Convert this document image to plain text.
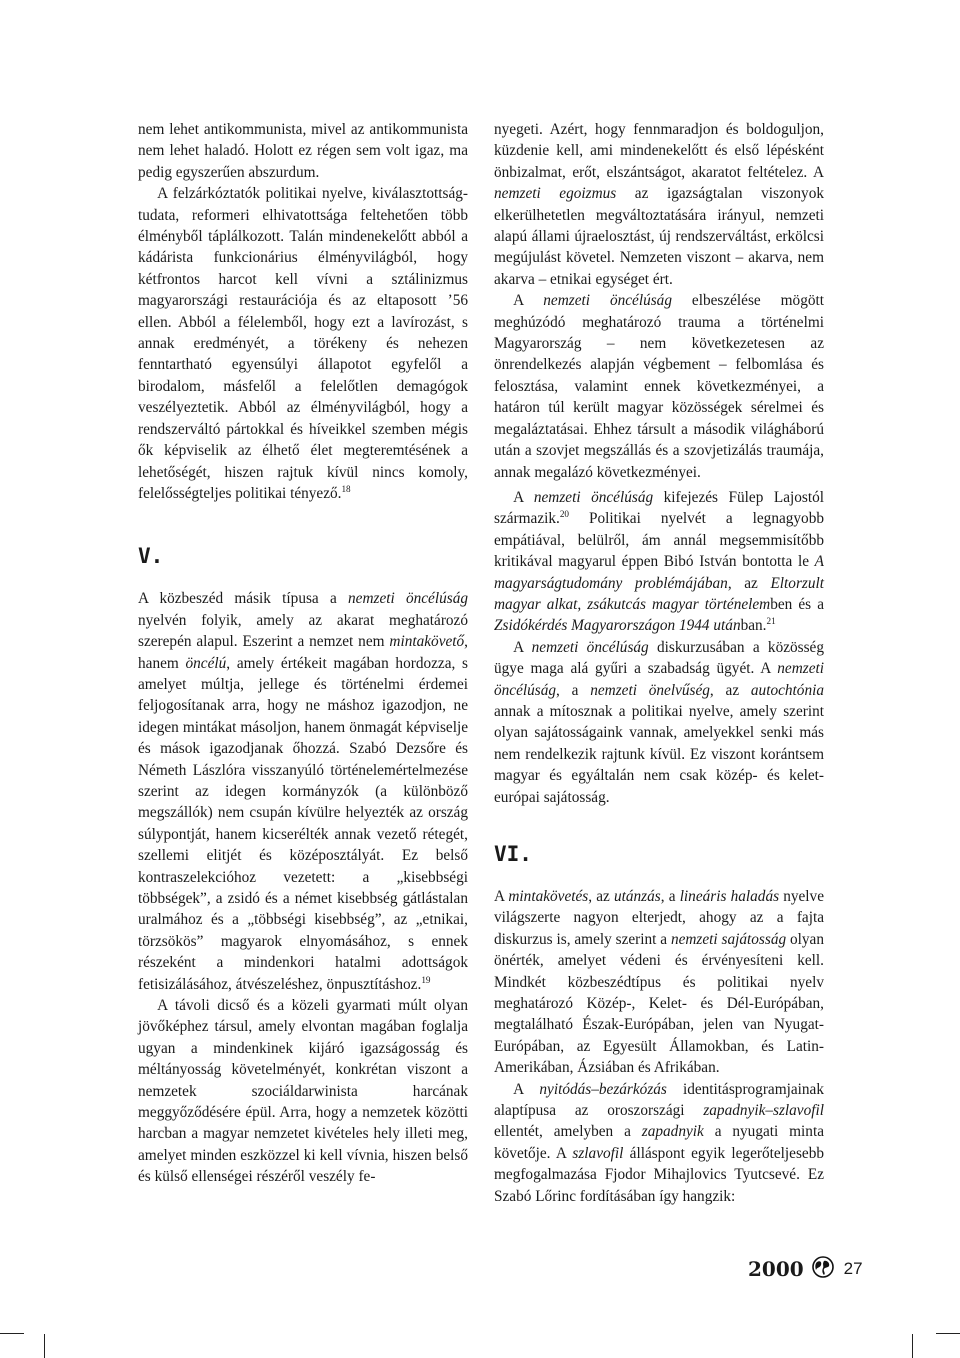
nem lehet antikommunista, mivel az antikommunista nem lehet haladó. Holott ez régen sem volt igaz, ma pedig egyszerűen abszurdum.

A felzárkóztatók politikai nyelve, kiválasztottság-tudata, reformeri elhivatottsága feltehetően több élményből táplálkozott. Talán mindenekelőtt abból a kádárista funkcionárius élményvilágból, hogy kétfrontos harcot kell vívni a sztálinizmus magyarországi restaurációja és az eltaposott ’56 ellen. Abból a félelemből, hogy ezt a lavírozást, s annak eredményét, a törékeny és nehezen fenntartható egyensúlyi állapotot egyfelől a birodalom, másfelől a felelőtlen demagógok veszélyeztetik. Abból az élményvilágból, hogy a rendszerváltó pártokkal és híveikkel szemben mégis ők képviselik az élhető élet megteremtésének a lehetőségét, hiszen rajtuk kívül nincs komoly, felelősségteljes politikai tényező.$^{18}$

V.

A közbeszéd másik típusa a nemzeti öncélúság nyelvén folyik, amely az akarat meghatározó szerepén alapul. Eszerint a nemzet nem mintakövető, hanem öncélú, amely értékeit magában hordozza, s amelyet múltja, jellege és történelmi érdemei feljogosítanak arra, hogy ne máshoz igazodjon, ne idegen mintákat másoljon, hanem önmagát képviselje és mások igazodjanak őhozzá. Szabó Dezsőre és Németh Lászlóra visszanyúló történelemértelmezése szerint az idegen kormányzók (a különböző megszállók) nem csupán kívülre helyezték az ország súlypontját, hanem kicserélték annak vezető rétegét, szellemi elitjét és középosztályát. Ez belső kontraszelekcióhoz vezetett: a „kisebbségi többségek”, a zsidó és a német kisebbség gátlástalan uralmához és a „többségi kisebbség”, az „etnikai, törzsökös” magyarok elnyomásához, s ennek részeként a mindenkori hatalmi adottságok fetisizálásához, átvészeléshez, önpusztításhoz.$^{19}$

A távoli dicső és a közeli gyarmati múlt olyan jövőképhez társul, amely elvontan magában foglalja ugyan a mindenkinek kijáró igazságosság és méltányosság követelményét, konkrétan viszont a nemzetek szociáldarwinista harcának meggyőződésére épül. Arra, hogy a nemzetek közötti harcban a magyar nemzetet kivételes hely illeti meg, amelyet minden eszközzel ki kell vívnia, hiszen belső és külső ellenségei részéről veszély fe-

nyegeti. Azért, hogy fennmaradjon és boldoguljon, küzdenie kell, ami mindenekelőtt és első lépésként önbizalmat, erőt, elszántságot, akaratot feltételez. A nemzeti egoizmus az igazságtalan viszonyok elkerülhetetlen megváltoztatására irányul, nemzeti alapú állami újraelosztást, új rendszerváltást, erkölcsi megújulást követel. Nemzeten viszont – akarva, nem akarva – etnikai egységet ért.

A nemzeti öncélúság elbeszélése mögött meghúzódó meghatározó trauma a történelmi Magyarország – nem következetesen az önrendelkezés alapján végbement – felbomlása és felosztása, valamint ennek következményei, a határon túl került magyar közösségek sérelmei és megaláztatásai. Ehhez társult a második világháború után a szovjet megszállás és a szovjetizálás traumája, annak megalázó következményei.

A nemzeti öncélúság kifejezés Fülep Lajostól származik.$^{20}$ Politikai nyelvét a legnagyobb empátiával, belülről, ám annál megsemmisítőbb kritikával magyarul éppen Bibó István bontotta le A magyarságtudomány problémájában, az Eltorzult magyar alkat, zsákutcás magyar történelemben és a Zsidókérdés Magyarországon 1944 utánban.$^{21}$

A nemzeti öncélúság diskurzusában a közösség ügye maga alá gyűri a szabadság ügyét. A nemzeti öncélúság, a nemzeti önelvűség, az autochtónia annak a mítosznak a politikai nyelve, amely szerint olyan sajátosságaink vannak, amelyekkel senki más nem rendelkezik rajtunk kívül. Ez viszont korántsem magyar és egyáltalán nem csak közép- és kelet-európai sajátosság.

VI.

A mintakövetés, az utánzás, a lineáris haladás nyelve világszerte nagyon elterjedt, ahogy az a fajta diskurzus is, amely szerint a nemzeti sajátosság olyan önérték, amelyet védeni és érvényesíteni kell. Mindkét közbeszédtípus és politikai nyelv meghatározó Közép-, Kelet- és Dél-Európában, megtalálható Észak-Európában, jelen van Nyugat-Európában, az Egyesült Államokban, és Latin-Amerikában, Ázsiában és Afrikában.

A nyitódás–bezárkózás identitásprogramjainak alaptípusa az oroszországi zapadnyik–szlavofil ellentét, amelyben a zapadnyik a nyugati minta követője. A szlavofil álláspont egyik legerőteljesebb megfogalmazása Fjodor Mihajlovics Tyutcsevé. Ez Szabó Lőrinc fordításában így hangzik:

2000 27
